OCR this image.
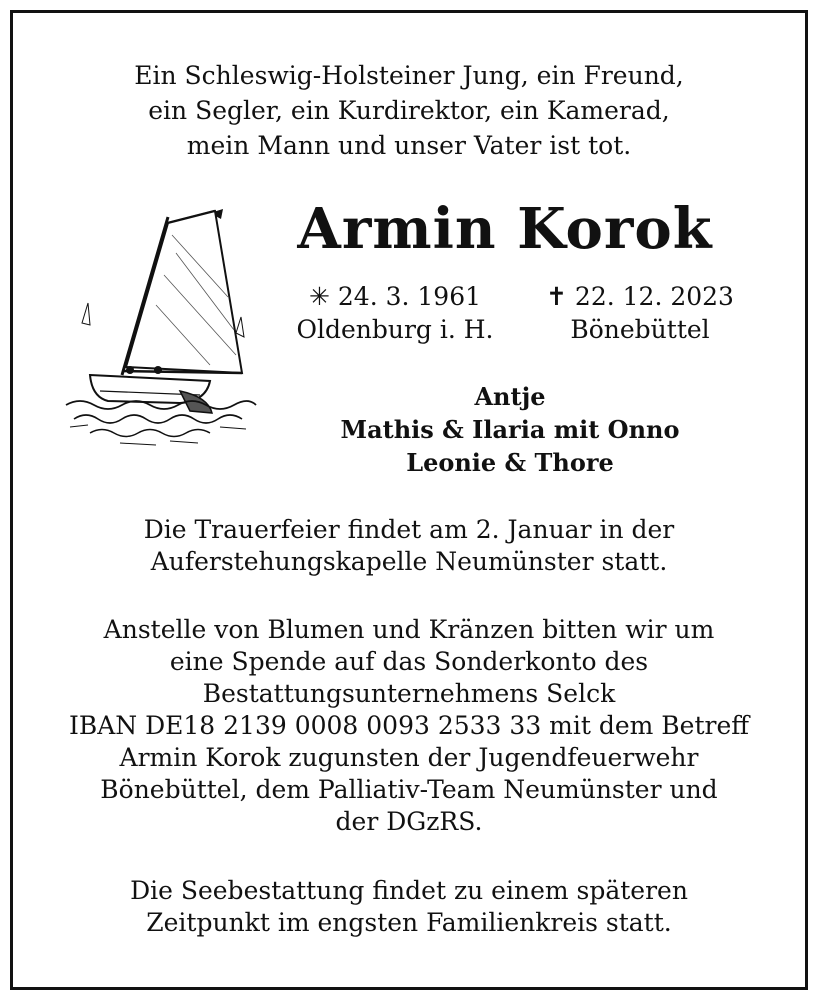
Ein Schleswig-Holsteiner Jung, ein Freund,
ein Segler, ein Kurdirektor, ein Kamerad,
mein Mann und unser Vater ist tot.
Armin Korok
✳ 24. 3. 1961
Oldenburg i. H.
✝ 22. 12. 2023
Bönebüttel
Antje
Mathis & Ilaria mit Onno
Leonie & Thore
Die Trauerfeier findet am 2. Januar in der
Auferstehungskapelle Neumünster statt.
Anstelle von Blumen und Kränzen bitten wir um
eine Spende auf das Sonderkonto des
Bestattungsunternehmens Selck
IBAN DE18 2139 0008 0093 2533 33 mit dem Betreff
Armin Korok zugunsten der Jugendfeuerwehr
Bönebüttel, dem Palliativ-Team Neumünster und
der DGzRS.
Die Seebestattung findet zu einem späteren
Zeitpunkt im engsten Familienkreis statt.
